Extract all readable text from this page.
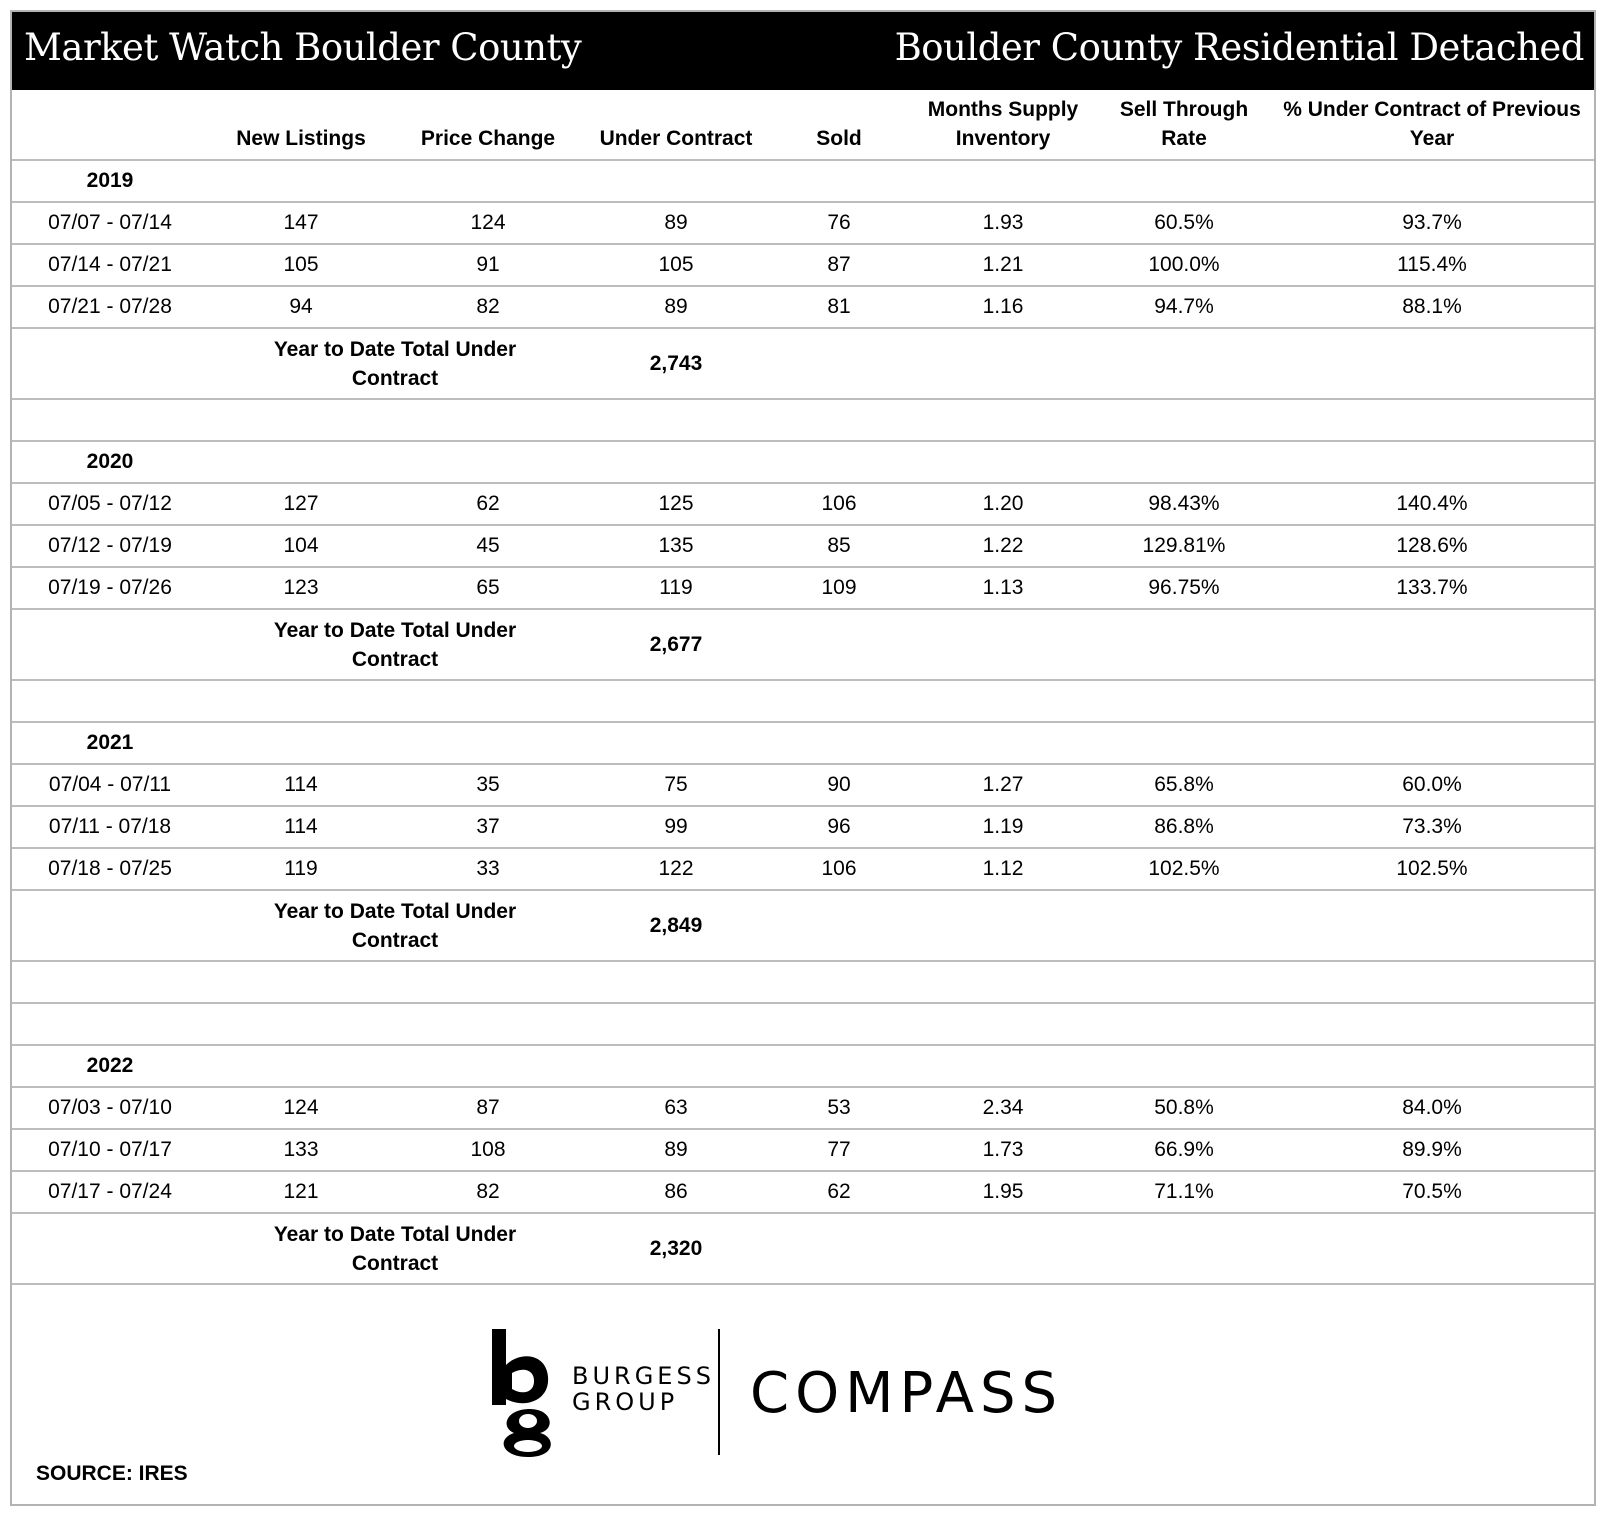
Market Watch Boulder County	Boulder County Residential Detached
	New Listings	Price Change	Under Contract	Sold	Months Supply Inventory	Sell Through Rate	% Under Contract of Previous Year
2019							
07/07 - 07/14	147	124	89	76	1.93	60.5%	93.7%
07/14 - 07/21	105	91	105	87	1.21	100.0%	115.4%
07/21 - 07/28	94	82	89	81	1.16	94.7%	88.1%

	Year to Date Total Under Contract		2,743				

2020							
07/05 - 07/12	127	62	125	106	1.20	98.43%	140.4%
07/12 - 07/19	104	45	135	85	1.22	129.81%	128.6%
07/19 - 07/26	123	65	119	109	1.13	96.75%	133.7%

	Year to Date Total Under Contract		2,677				

2021							
07/04 - 07/11	114	35	75	90	1.27	65.8%	60.0%
07/11 - 07/18	114	37	99	96	1.19	86.8%	73.3%
07/18 - 07/25	119	33	122	106	1.12	102.5%	102.5%

	Year to Date Total Under Contract		2,849				

2022							
07/03 - 07/10	124	87	63	53	2.34	50.8%	84.0%
07/10 - 07/17	133	108	89	77	1.73	66.9%	89.9%
07/17 - 07/24	121	82	86	62	1.95	71.1%	70.5%

	Year to Date Total Under Contract		2,320				
BURGESS
GROUP	COMPASS
SOURCE: IRES
